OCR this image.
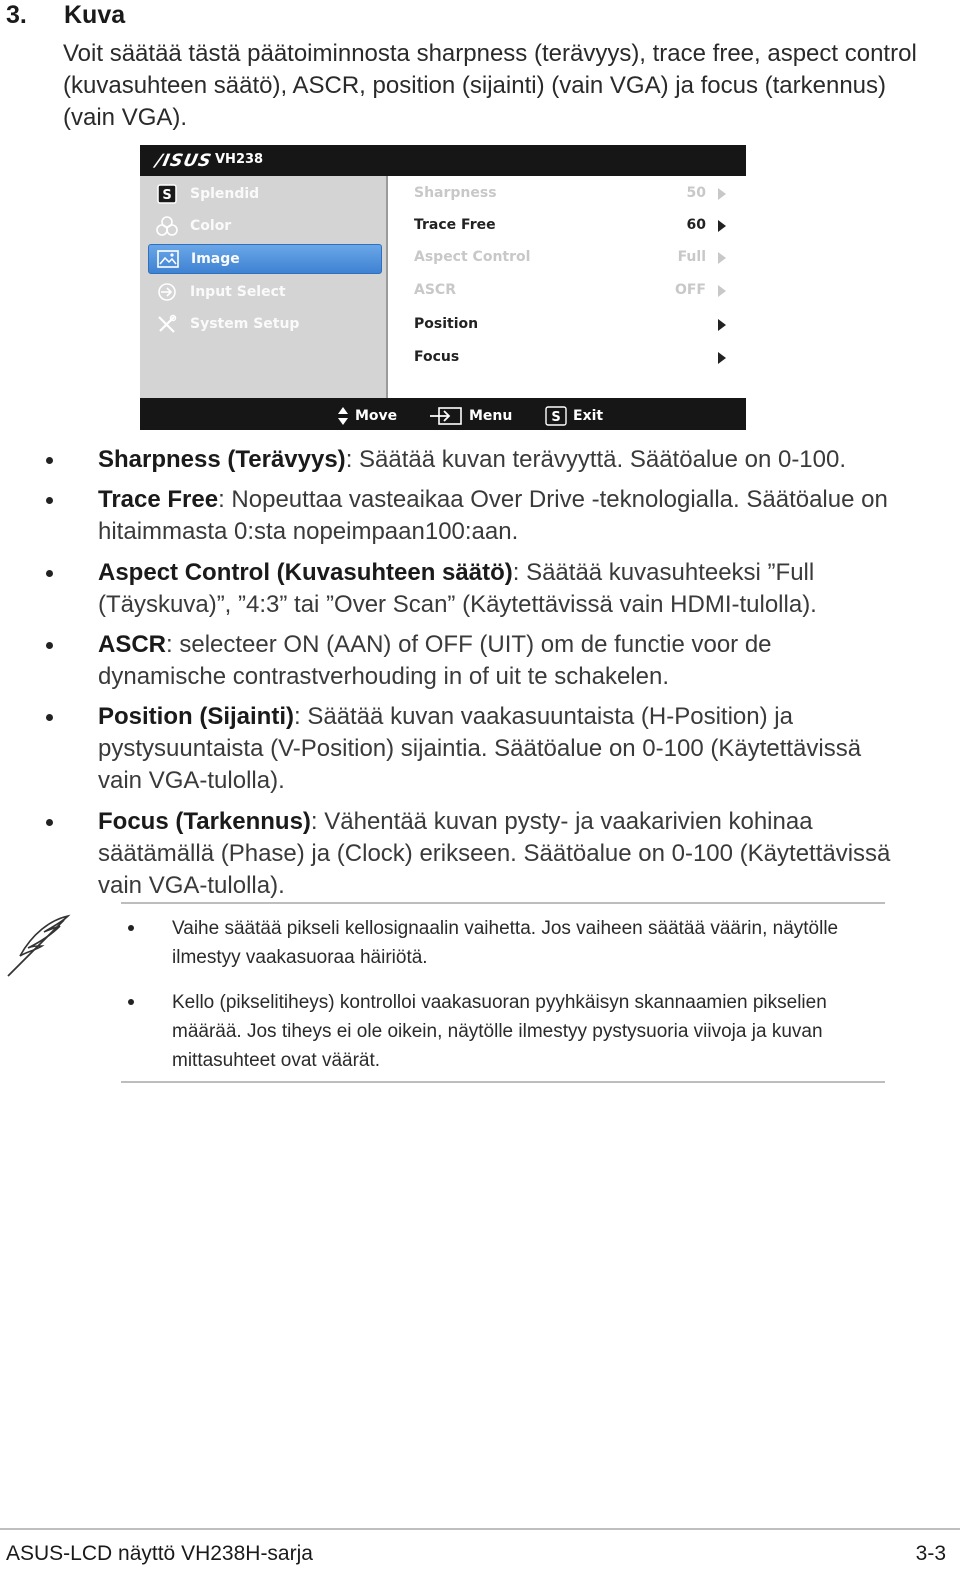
3. Kuva
Voit säätää tästä päätoiminnosta sharpness (terävyys), trace free, aspect control (kuvasuhteen säätö), ASCR, position (sijainti) (vain VGA) ja focus (tarkennus) (vain VGA).
/ISUS VH238
S Splendid
Color
Image
Input Select
System Setup
Sharpness	50
Trace Free	60
Aspect Control	Full
ASCR	OFF
Position
Focus
Move	Menu	S Exit
Sharpness (Terävyys): Säätää kuvan terävyyttä. Säätöalue on 0-100.
Trace Free: Nopeuttaa vasteaikaa Over Drive -teknologialla. Säätöalue on hitaimmasta 0:sta nopeimpaan100:aan.
Aspect Control (Kuvasuhteen säätö): Säätää kuvasuhteeksi ”Full (Täyskuva)”, ”4:3” tai ”Over Scan” (Käytettävissä vain HDMI-tulolla).
ASCR: selecteer ON (AAN) of OFF (UIT) om de functie voor de dynamische contrastverhouding in of uit te schakelen.
Position (Sijainti): Säätää kuvan vaakasuuntaista (H-Position) ja pystysuuntaista (V-Position) sijaintia. Säätöalue on 0-100 (Käytettävissä vain VGA-tulolla).
Focus (Tarkennus): Vähentää kuvan pysty- ja vaakarivien kohinaa säätämällä (Phase) ja (Clock) erikseen. Säätöalue on 0-100 (Käytettävissä vain VGA-tulolla).
Vaihe säätää pikseli kellosignaalin vaihetta. Jos vaiheen säätää väärin, näytölle ilmestyy vaakasuoraa häiriötä.
Kello (pikselitiheys) kontrolloi vaakasuoran pyyhkäisyn skannaamien pikselien määrää. Jos tiheys ei ole oikein, näytölle ilmestyy pystysuoria viivoja ja kuvan mittasuhteet ovat väärät.
ASUS-LCD näyttö VH238H-sarja	3-3
